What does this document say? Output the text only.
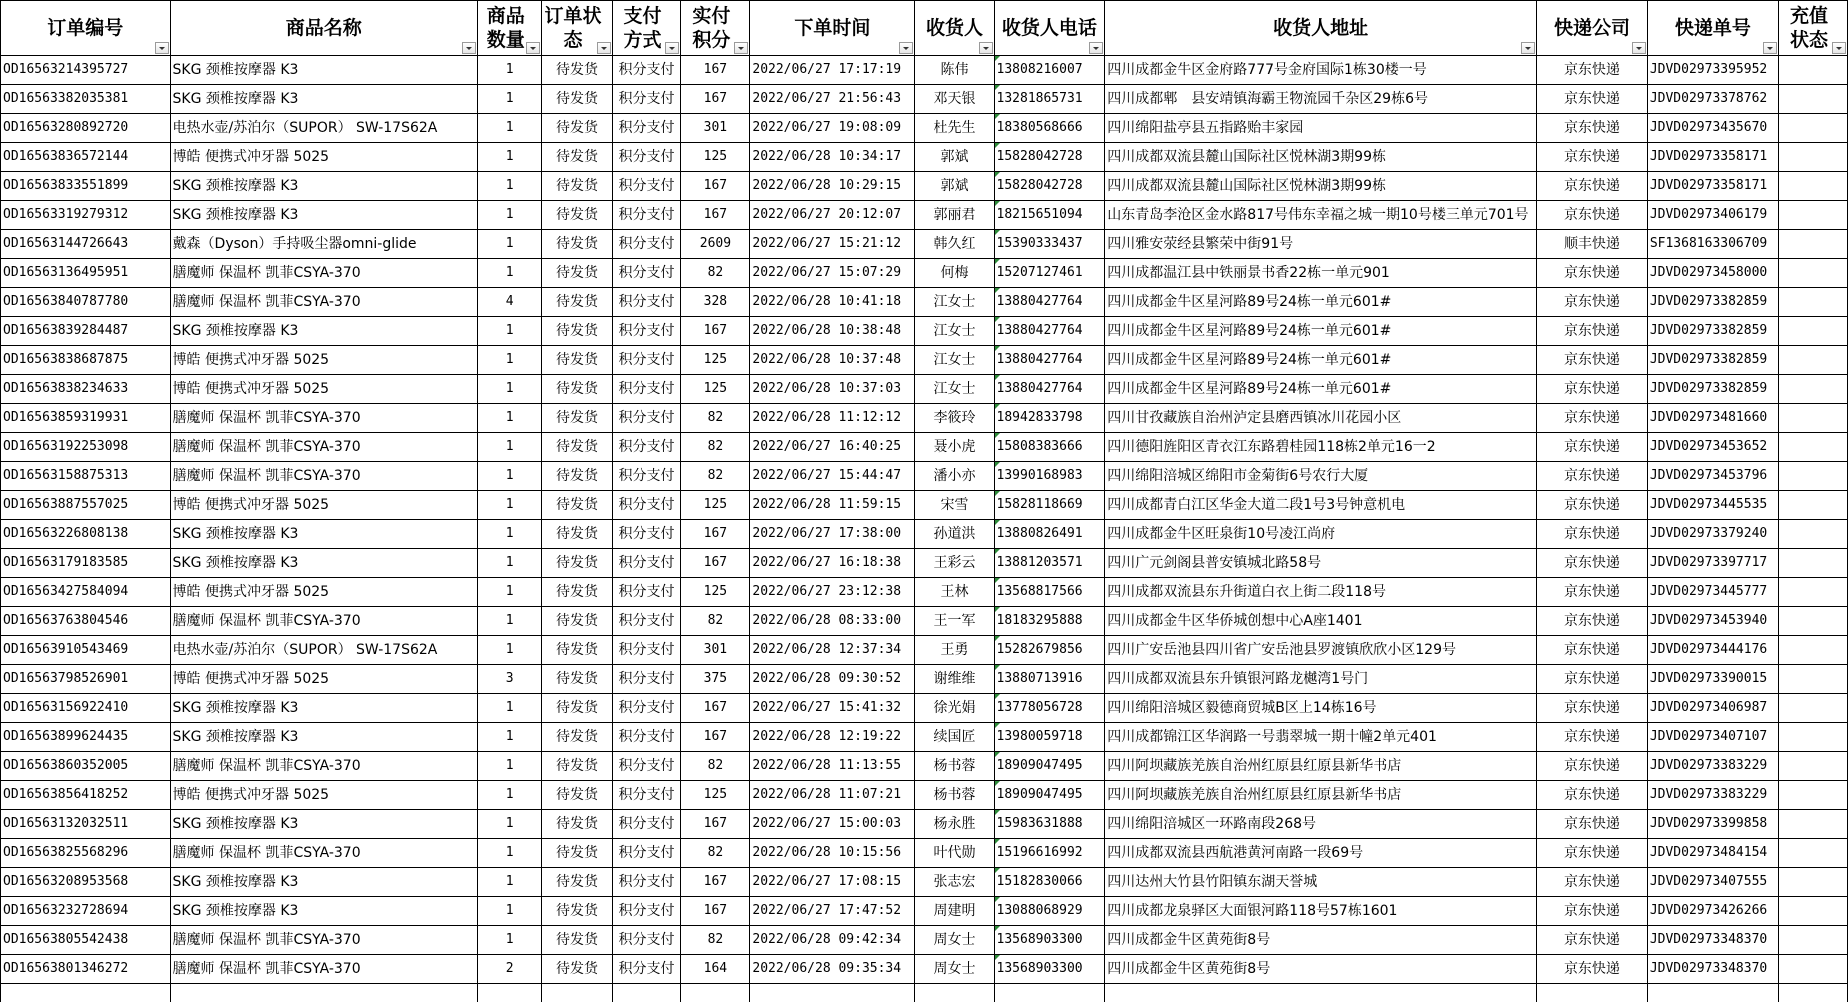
订单编号	商品名称	商品数量	订单状态	支付方式	实付积分	下单时间	收货人	收货人电话	收货人地址	快递公司	快递单号	充值状态

OD16563214395727	SKG 颈椎按摩器 K3	1	待发货	积分支付	167	2022/06/27 17:17:19	陈伟	13808216007	四川成都金牛区金府路777号金府国际1栋30楼一号	京东快递	JDVD02973395952	
OD16563382035381	SKG 颈椎按摩器 K3	1	待发货	积分支付	167	2022/06/27 21:56:43	邓天银	13281865731	四川成都郫　县安靖镇海霸王物流园千杂区29栋6号	京东快递	JDVD02973378762	
OD16563280892720	电热水壶/苏泊尔（SUPOR） SW-17S62A	1	待发货	积分支付	301	2022/06/27 19:08:09	杜先生	18380568666	四川绵阳盐亭县五指路贻丰家园	京东快递	JDVD02973435670	
OD16563836572144	博皓 便携式冲牙器 5025	1	待发货	积分支付	125	2022/06/28 10:34:17	郭斌	15828042728	四川成都双流县麓山国际社区悦林湖3期99栋	京东快递	JDVD02973358171	
OD16563833551899	SKG 颈椎按摩器 K3	1	待发货	积分支付	167	2022/06/28 10:29:15	郭斌	15828042728	四川成都双流县麓山国际社区悦林湖3期99栋	京东快递	JDVD02973358171	
OD16563319279312	SKG 颈椎按摩器 K3	1	待发货	积分支付	167	2022/06/27 20:12:07	郭丽君	18215651094	山东青岛李沧区金水路817号伟东幸福之城一期10号楼三单元701号	京东快递	JDVD02973406179	
OD16563144726643	戴森（Dyson）手持吸尘器omni-glide	1	待发货	积分支付	2609	2022/06/27 15:21:12	韩久红	15390333437	四川雅安荥经县繁荣中街91号	顺丰快递	SF1368163306709	
OD16563136495951	膳魔师 保温杯 凯菲CSYA-370	1	待发货	积分支付	82	2022/06/27 15:07:29	何梅	15207127461	四川成都温江县中铁丽景书香22栋一单元901	京东快递	JDVD02973458000	
OD16563840787780	膳魔师 保温杯 凯菲CSYA-370	4	待发货	积分支付	328	2022/06/28 10:41:18	江女士	13880427764	四川成都金牛区星河路89号24栋一单元601#	京东快递	JDVD02973382859	
OD16563839284487	SKG 颈椎按摩器 K3	1	待发货	积分支付	167	2022/06/28 10:38:48	江女士	13880427764	四川成都金牛区星河路89号24栋一单元601#	京东快递	JDVD02973382859	
OD16563838687875	博皓 便携式冲牙器 5025	1	待发货	积分支付	125	2022/06/28 10:37:48	江女士	13880427764	四川成都金牛区星河路89号24栋一单元601#	京东快递	JDVD02973382859	
OD16563838234633	博皓 便携式冲牙器 5025	1	待发货	积分支付	125	2022/06/28 10:37:03	江女士	13880427764	四川成都金牛区星河路89号24栋一单元601#	京东快递	JDVD02973382859	
OD16563859319931	膳魔师 保温杯 凯菲CSYA-370	1	待发货	积分支付	82	2022/06/28 11:12:12	李筱玲	18942833798	四川甘孜藏族自治州泸定县磨西镇冰川花园小区	京东快递	JDVD02973481660	
OD16563192253098	膳魔师 保温杯 凯菲CSYA-370	1	待发货	积分支付	82	2022/06/27 16:40:25	聂小虎	15808383666	四川德阳旌阳区青衣江东路碧桂园118栋2单元16一2	京东快递	JDVD02973453652	
OD16563158875313	膳魔师 保温杯 凯菲CSYA-370	1	待发货	积分支付	82	2022/06/27 15:44:47	潘小亦	13990168983	四川绵阳涪城区绵阳市金菊街6号农行大厦	京东快递	JDVD02973453796	
OD16563887557025	博皓 便携式冲牙器 5025	1	待发货	积分支付	125	2022/06/28 11:59:15	宋雪	15828118669	四川成都青白江区华金大道二段1号3号钟意机电	京东快递	JDVD02973445535	
OD16563226808138	SKG 颈椎按摩器 K3	1	待发货	积分支付	167	2022/06/27 17:38:00	孙道洪	13880826491	四川成都金牛区旺泉街10号凌江尚府	京东快递	JDVD02973379240	
OD16563179183585	SKG 颈椎按摩器 K3	1	待发货	积分支付	167	2022/06/27 16:18:38	王彩云	13881203571	四川广元剑阁县普安镇城北路58号	京东快递	JDVD02973397717	
OD16563427584094	博皓 便携式冲牙器 5025	1	待发货	积分支付	125	2022/06/27 23:12:38	王林	13568817566	四川成都双流县东升街道白衣上街二段118号	京东快递	JDVD02973445777	
OD16563763804546	膳魔师 保温杯 凯菲CSYA-370	1	待发货	积分支付	82	2022/06/28 08:33:00	王一军	18183295888	四川成都金牛区华侨城创想中心A座1401	京东快递	JDVD02973453940	
OD16563910543469	电热水壶/苏泊尔（SUPOR） SW-17S62A	1	待发货	积分支付	301	2022/06/28 12:37:34	王勇	15282679856	四川广安岳池县四川省广安岳池县罗渡镇欣欣小区129号	京东快递	JDVD02973444176	
OD16563798526901	博皓 便携式冲牙器 5025	3	待发货	积分支付	375	2022/06/28 09:30:52	谢维维	13880713916	四川成都双流县东升镇银河路龙樾湾1号门	京东快递	JDVD02973390015	
OD16563156922410	SKG 颈椎按摩器 K3	1	待发货	积分支付	167	2022/06/27 15:41:32	徐光娟	13778056728	四川绵阳涪城区毅德商贸城B区上14栋16号	京东快递	JDVD02973406987	
OD16563899624435	SKG 颈椎按摩器 K3	1	待发货	积分支付	167	2022/06/28 12:19:22	续国匠	13980059718	四川成都锦江区华润路一号翡翠城一期十幢2单元401	京东快递	JDVD02973407107	
OD16563860352005	膳魔师 保温杯 凯菲CSYA-370	1	待发货	积分支付	82	2022/06/28 11:13:55	杨书蓉	18909047495	四川阿坝藏族羌族自治州红原县红原县新华书店	京东快递	JDVD02973383229	
OD16563856418252	博皓 便携式冲牙器 5025	1	待发货	积分支付	125	2022/06/28 11:07:21	杨书蓉	18909047495	四川阿坝藏族羌族自治州红原县红原县新华书店	京东快递	JDVD02973383229	
OD16563132032511	SKG 颈椎按摩器 K3	1	待发货	积分支付	167	2022/06/27 15:00:03	杨永胜	15983631888	四川绵阳涪城区一环路南段268号	京东快递	JDVD02973399858	
OD16563825568296	膳魔师 保温杯 凯菲CSYA-370	1	待发货	积分支付	82	2022/06/28 10:15:56	叶代勋	15196616992	四川成都双流县西航港黄河南路一段69号	京东快递	JDVD02973484154	
OD16563208953568	SKG 颈椎按摩器 K3	1	待发货	积分支付	167	2022/06/27 17:08:15	张志宏	15182830066	四川达州大竹县竹阳镇东湖天誉城	京东快递	JDVD02973407555	
OD16563232728694	SKG 颈椎按摩器 K3	1	待发货	积分支付	167	2022/06/27 17:47:52	周建明	13088068929	四川成都龙泉驿区大面银河路118号57栋1601	京东快递	JDVD02973426266	
OD16563805542438	膳魔师 保温杯 凯菲CSYA-370	1	待发货	积分支付	82	2022/06/28 09:42:34	周女士	13568903300	四川成都金牛区黄苑街8号	京东快递	JDVD02973348370	
OD16563801346272	膳魔师 保温杯 凯菲CSYA-370	2	待发货	积分支付	164	2022/06/28 09:35:34	周女士	13568903300	四川成都金牛区黄苑街8号	京东快递	JDVD02973348370	
